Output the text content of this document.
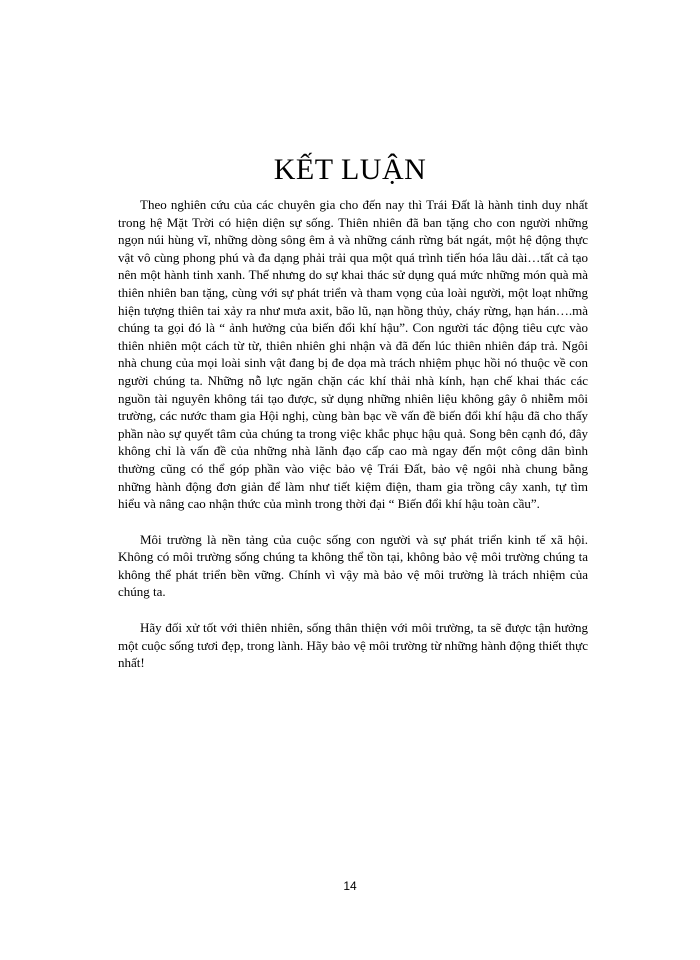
KẾT LUẬN

Theo nghiên cứu của các chuyên gia cho đến nay thì Trái Đất là hành tinh duy nhất trong hệ Mặt Trời có hiện diện sự sống. Thiên nhiên đã ban tặng cho con người những ngọn núi hùng vĩ, những dòng sông êm ả và những cánh rừng bát ngát, một hệ động thực vật vô cùng phong phú và đa dạng phải trải qua một quá trình tiến hóa lâu dài…tất cả tạo nên một hành tinh xanh. Thế nhưng do sự khai thác sử dụng quá mức những món quà mà thiên nhiên ban tặng, cùng với sự phát triển và tham vọng của loài người, một loạt những hiện tượng thiên tai xảy ra như mưa axit, bão lũ, nạn hồng thủy, cháy rừng, hạn hán….mà chúng ta gọi đó là “ ảnh hưởng của biến đổi khí hậu”. Con người tác động tiêu cực vào thiên nhiên một cách từ từ, thiên nhiên ghi nhận và đã đến lúc thiên nhiên đáp trả. Ngôi nhà chung của mọi loài sinh vật đang bị đe dọa mà trách nhiệm phục hồi nó thuộc về con người chúng ta. Những nỗ lực ngăn chặn các khí thải nhà kính, hạn chế khai thác các nguồn tài nguyên không tái tạo được, sử dụng những nhiên liệu không gây ô nhiễm môi trường, các nước tham gia Hội nghị, cùng bàn bạc về vấn đề biến đổi khí hậu đã cho thấy phần nào sự quyết tâm của chúng ta trong việc khắc phục hậu quả. Song bên cạnh đó, đây không chỉ là vấn đề của những nhà lãnh đạo cấp cao mà ngay đến một công dân bình thường cũng có thể góp phần vào việc bảo vệ Trái Đất, bảo vệ ngôi nhà chung bằng những hành động đơn giản để làm như tiết kiệm điện, tham gia trồng cây xanh, tự tìm hiểu và nâng cao nhận thức của mình trong thời đại “ Biến đổi khí hậu toàn cầu”.

Môi trường là nền tảng của cuộc sống con người và sự phát triển kinh tế xã hội. Không có môi trường sống chúng ta không thể tồn tại, không bảo vệ môi trường chúng ta không thể phát triển bền vững. Chính vì vậy mà bảo vệ môi trường là trách nhiệm của chúng ta.

Hãy đối xử tốt với thiên nhiên, sống thân thiện với môi trường, ta sẽ được tận hưởng một cuộc sống tươi đẹp, trong lành. Hãy bảo vệ môi trường từ những hành động thiết thực nhất!

14
